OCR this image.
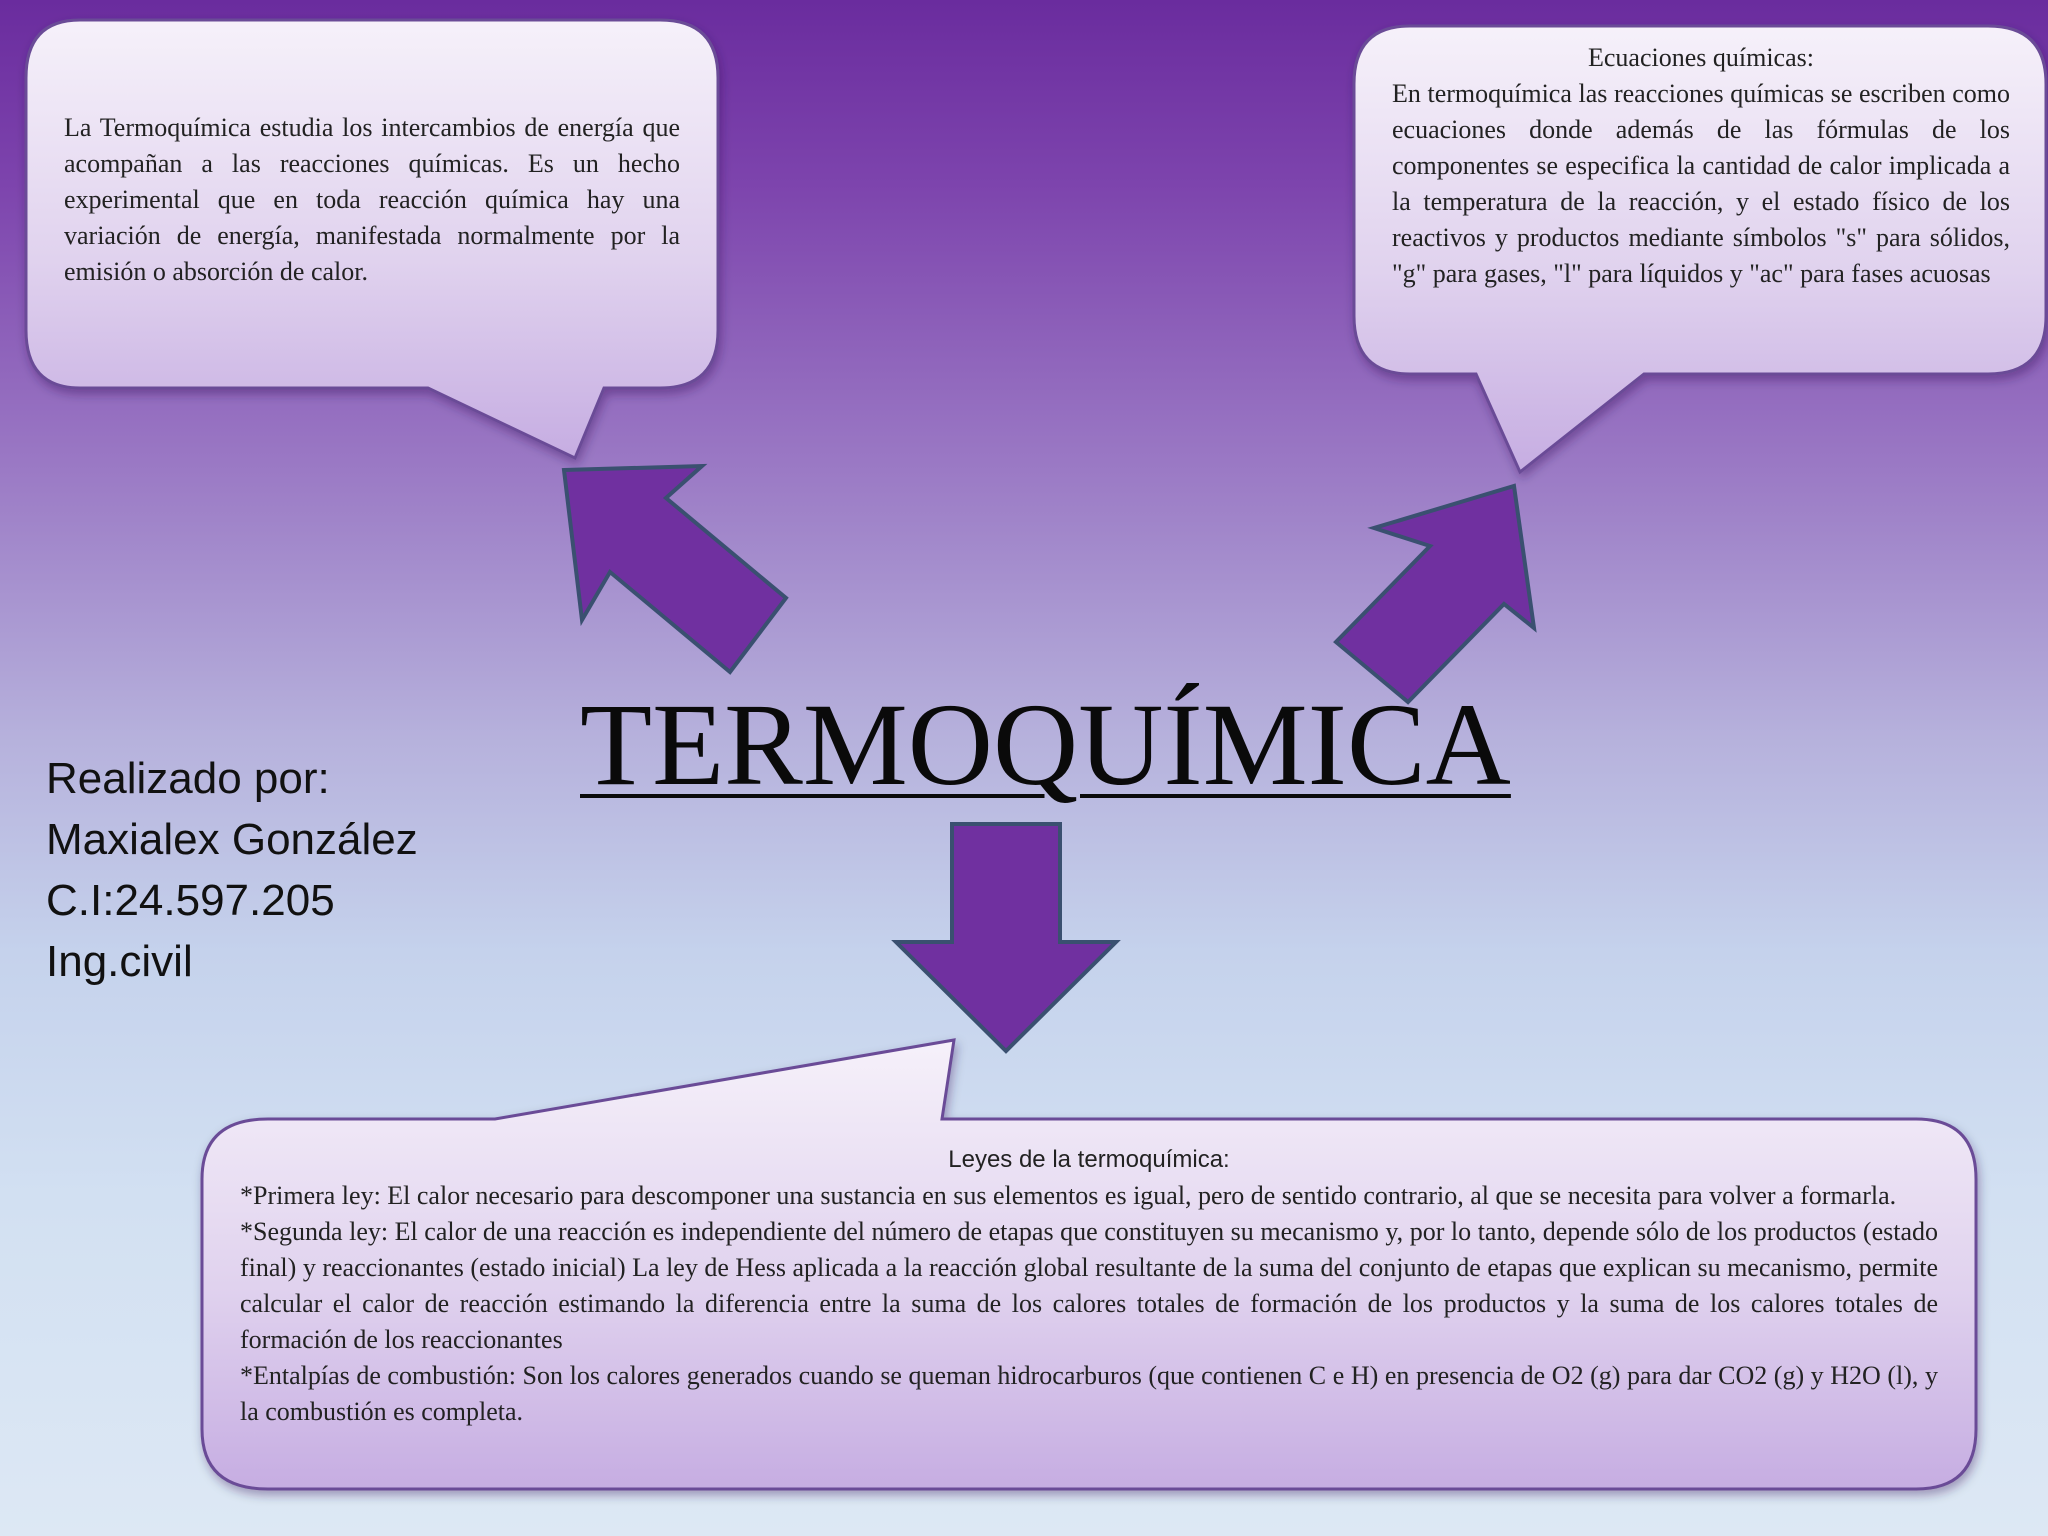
La Termoquímica estudia los intercambios de energía que acompañan a las reacciones químicas. Es un hecho experimental que en toda reacción química hay una variación de energía, manifestada normalmente por la emisión o absorción de calor.

Ecuaciones químicas:
En termoquímica las reacciones químicas se escriben como ecuaciones donde además de las fórmulas de los componentes se especifica la cantidad de calor implicada a la temperatura de la reacción, y el estado físico de los reactivos y productos mediante símbolos "s" para sólidos, "g" para gases, "l" para líquidos y "ac" para fases acuosas
TERMOQUÍMICA
Realizado por:
Maxialex González
C.I:24.597.205
Ing.civil
Leyes de la termoquímica:
*Primera ley: El calor necesario para descomponer una sustancia en sus elementos es igual, pero de sentido contrario, al que se necesita para volver a formarla.
*Segunda ley: El calor de una reacción es independiente del número de etapas que constituyen su mecanismo y, por lo tanto, depende sólo de los productos (estado final) y reaccionantes (estado inicial) La ley de Hess aplicada a la reacción global resultante de la suma del conjunto de etapas que explican su mecanismo, permite calcular el calor de reacción estimando la diferencia entre la suma de los calores totales de formación de los productos y la suma de los calores totales de formación de los reaccionantes
*Entalpías de combustión: Son los calores generados cuando se queman hidrocarburos (que contienen C e H) en presencia de O2 (g) para dar CO2 (g) y H2O (l), y la combustión es completa.
